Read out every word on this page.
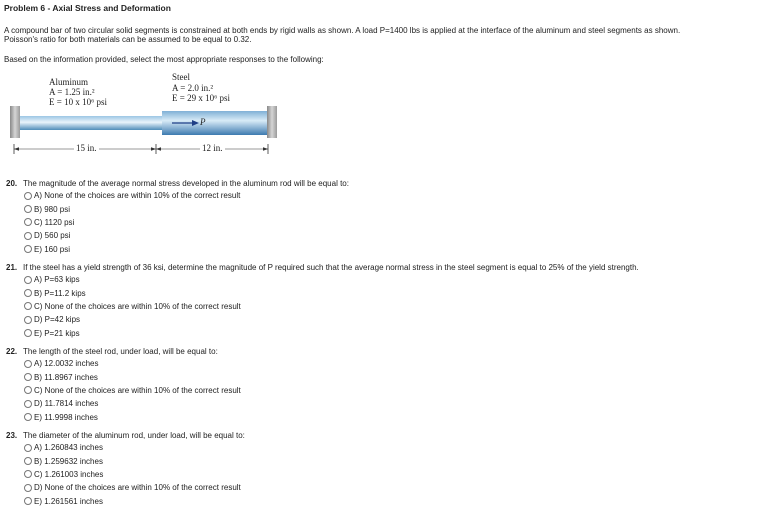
Problem 6 - Axial Stress and Deformation
A compound bar of two circular solid segments is constrained at both ends by rigid walls as shown. A load P=1400 lbs is applied at the interface of the aluminum and steel segments as shown.
Poisson's ratio for both materials can be assumed to be equal to 0.32.
Based on the information provided, select the most appropriate responses to the following:
Aluminum
A = 1.25 in.²
E = 10 x 10⁶ psi
Steel
A = 2.0 in.²
E = 29 x 10⁶ psi
P
15 in.	12 in.
20. The magnitude of the average normal stress developed in the aluminum rod will be equal to:
A) None of the choices are within 10% of the correct result
B) 980 psi
C) 1120 psi
D) 560 psi
E) 160 psi
21. If the steel has a yield strength of 36 ksi, determine the magnitude of P required such that the average normal stress in the steel segment is equal to 25% of the yield strength.
A) P=63 kips
B) P=11.2 kips
C) None of the choices are within 10% of the correct result
D) P=42 kips
E) P=21 kips
22. The length of the steel rod, under load, will be equal to:
A) 12.0032 inches
B) 11.8967 inches
C) None of the choices are within 10% of the correct result
D) 11.7814 inches
E) 11.9998 inches
23. The diameter of the aluminum rod, under load, will be equal to:
A) 1.260843 inches
B) 1.259632 inches
C) 1.261003 inches
D) None of the choices are within 10% of the correct result
E) 1.261561 inches
